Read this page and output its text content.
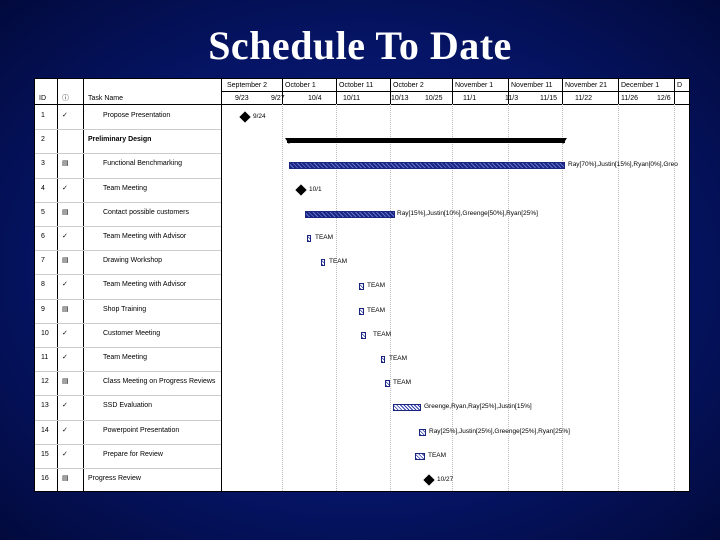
Schedule To Date
ID ⓘ	Task Name
September 2	October 1	October 11	October 2	November 1	November 11 November 21 December 1	D
9/23	9/27	10/4	10/11	10/13 10/25	11/1	11/3	11/15	11/22	11/26	12/6
1 ✓	Propose Presentation	9/24
2	Preliminary Design
3 ▤	Functional Benchmarking	Ray[70%],Justin[15%],Ryan[0%],Greo
4 ✓	Team Meeting	10/1
5 ▤	Contact possible customers	Ray[15%],Justin[10%],Greenge[50%],Ryan[25%]
6 ✓	Team Meeting with Advisor	TEAM
7 ▤	Drawing Workshop	TEAM
8 ✓	Team Meeting with Advisor	TEAM
9 ▤	Shop Training	TEAM
10 ✓	Customer Meeting	TEAM
11 ✓	Team Meeting	TEAM
12 ▤	Class Meeting on Progress Reviews	TEAM
13 ✓	SSD Evaluation	Greenge,Ryan,Ray[25%],Justin[15%]
14 ✓	Powerpoint Presentation	Ray[25%],Justin[25%],Greenge[25%],Ryan[25%]
15 ✓	Prepare for Review	TEAM
16 ▤	Progress Review	10/27
